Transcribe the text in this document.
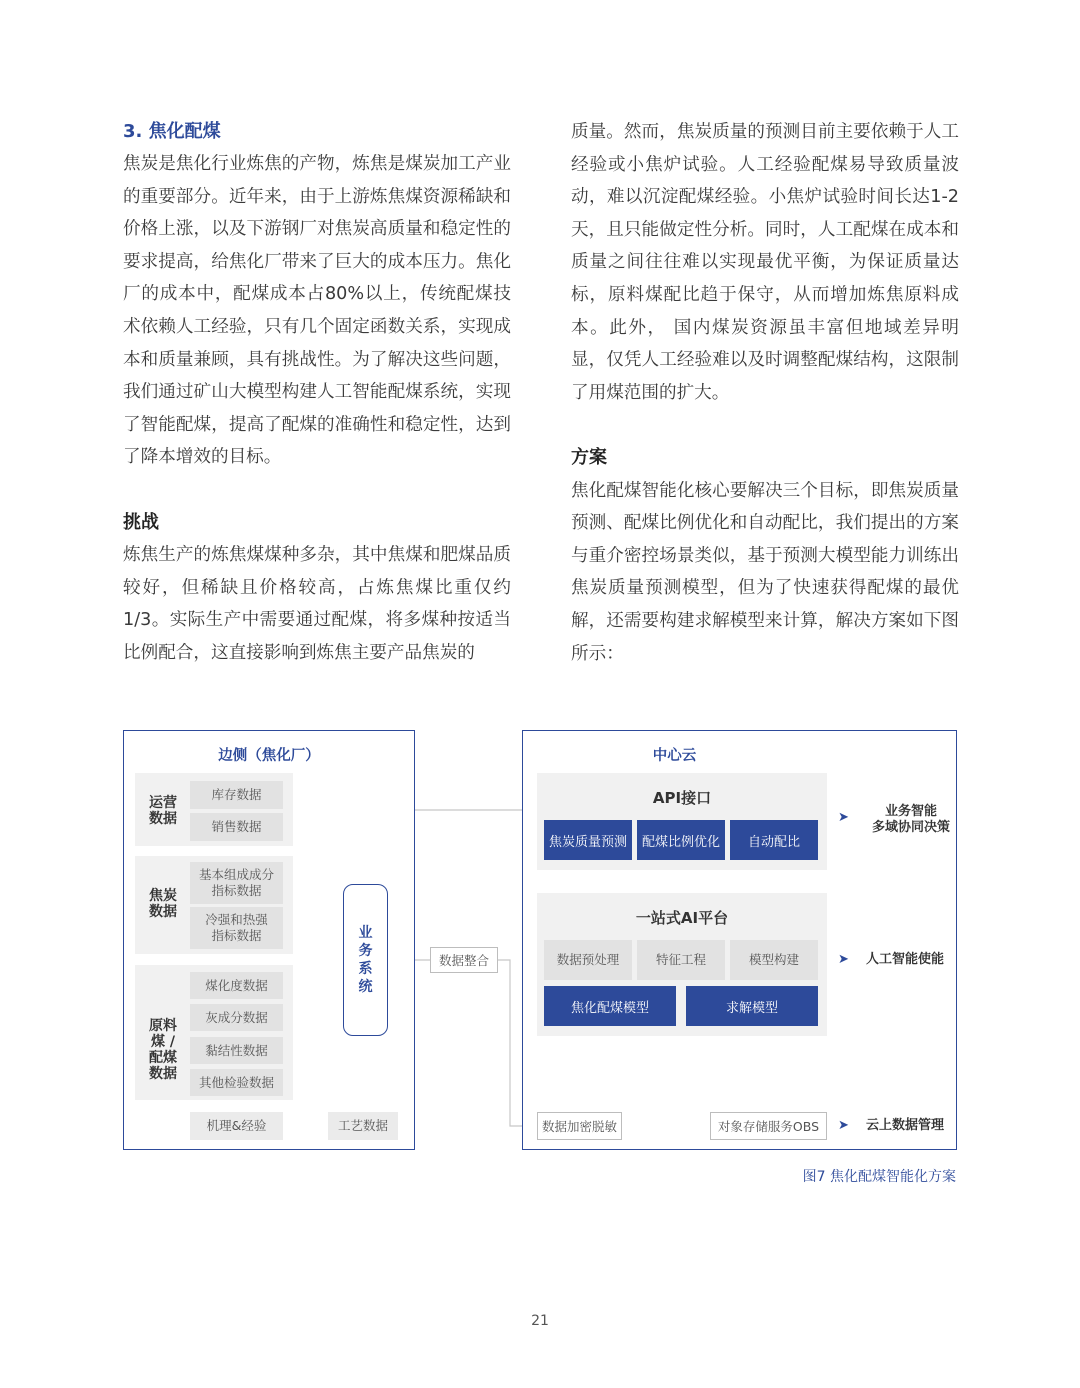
3. 焦化配煤

焦炭是焦化行业炼焦的产物，炼焦是煤炭加工产业的重要部分。近年来，由于上游炼焦煤资源稀缺和价格上涨，以及下游钢厂对焦炭高质量和稳定性的要求提高，给焦化厂带来了巨大的成本压力。焦化厂的成本中，配煤成本占80%以上，传统配煤技术依赖人工经验，只有几个固定函数关系，实现成本和质量兼顾，具有挑战性。为了解决这些问题，我们通过矿山大模型构建人工智能配煤系统，实现了智能配煤，提高了配煤的准确性和稳定性，达到了降本增效的目标。

挑战

炼焦生产的炼焦煤煤种多杂，其中焦煤和肥煤品质较好，但稀缺且价格较高，占炼焦煤比重仅约1/3。实际生产中需要通过配煤，将多煤种按适当比例配合，这直接影响到炼焦主要产品焦炭的

质量。然而，焦炭质量的预测目前主要依赖于人工经验或小焦炉试验。人工经验配煤易导致质量波动，难以沉淀配煤经验。小焦炉试验时间长达1-2天，且只能做定性分析。同时，人工配煤在成本和质量之间往往难以实现最优平衡，为保证质量达标，原料煤配比趋于保守，从而增加炼焦原料成本。此外， 国内煤炭资源虽丰富但地域差异明显，仅凭人工经验难以及时调整配煤结构，这限制了用煤范围的扩大。

方案

焦化配煤智能化核心要解决三个目标，即焦炭质量预测、配煤比例优化和自动配比，我们提出的方案与重介密控场景类似，基于预测大模型能力训练出焦炭质量预测模型，但为了快速获得配煤的最优解，还需要构建求解模型来计算，解决方案如下图所示：

边侧（焦化厂）
运营
数据
库存数据
销售数据
焦炭
数据
基本组成成分
指标数据
冷强和热强
指标数据
原料
煤 /
配煤
数据
煤化度数据
灰成分数据
黏结性数据
其他检验数据
机理&经验	工艺数据
业
务
系
统
数据整合
中心云
API接口
焦炭质量预测	配煤比例优化	自动配比
一站式AI平台
数据预处理	特征工程	模型构建
焦化配煤模型	求解模型
数据加密脱敏	对象存储服务OBS
➤	业务智能
多域协同决策
➤ 人工智能使能
➤ 云上数据管理
图7 焦化配煤智能化方案
21
